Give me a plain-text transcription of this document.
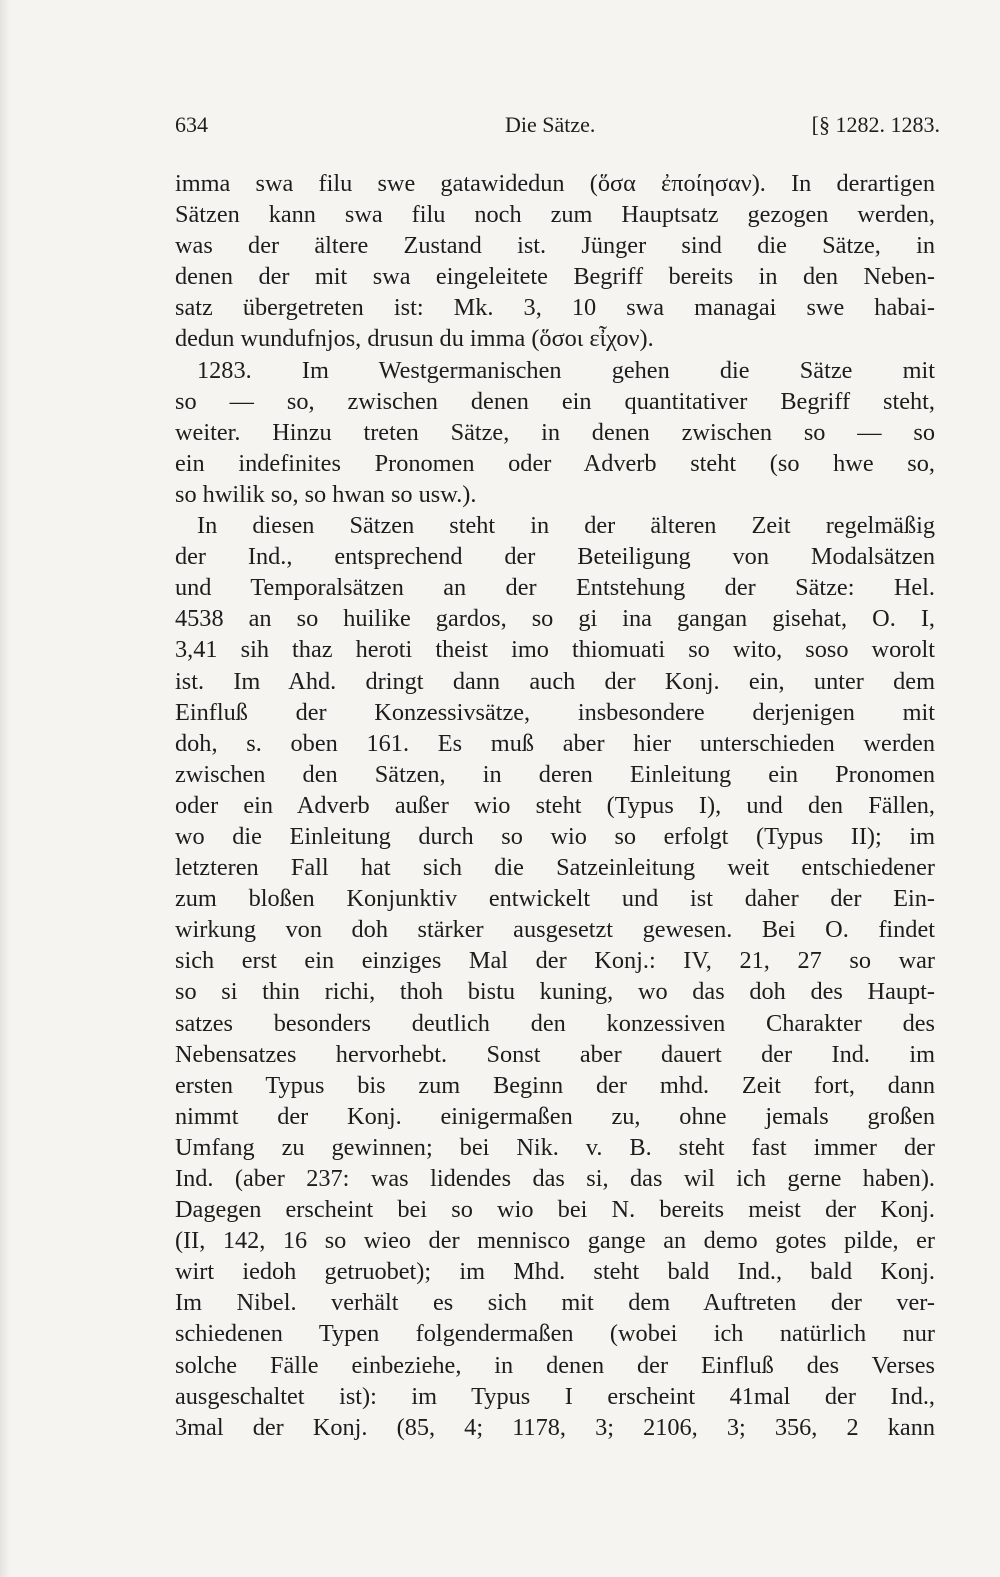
634	Die Sätze.	[§ 1282. 1283.
imma swa filu swe gatawidedun (ὅσα ἐποίησαν). In derartigen
Sätzen kann swa filu noch zum Hauptsatz gezogen werden,
was der ältere Zustand ist. Jünger sind die Sätze, in
denen der mit swa eingeleitete Begriff bereits in den Neben-
satz übergetreten ist: Mk. 3, 10 swa managai swe habai-
dedun wundufnjos, drusun du imma (ὅσοι εἶχον).
1283. Im Westgermanischen gehen die Sätze mit
so — so, zwischen denen ein quantitativer Begriff steht,
weiter. Hinzu treten Sätze, in denen zwischen so — so
ein indefinites Pronomen oder Adverb steht (so hwe so,
so hwilik so, so hwan so usw.).
In diesen Sätzen steht in der älteren Zeit regelmäßig
der Ind., entsprechend der Beteiligung von Modalsätzen
und Temporalsätzen an der Entstehung der Sätze: Hel.
4538 an so huilike gardos, so gi ina gangan gisehat, O. I,
3,41 sih thaz heroti theist imo thiomuati so wito, soso worolt
ist. Im Ahd. dringt dann auch der Konj. ein, unter dem
Einfluß der Konzessivsätze, insbesondere derjenigen mit
doh, s. oben 161. Es muß aber hier unterschieden werden
zwischen den Sätzen, in deren Einleitung ein Pronomen
oder ein Adverb außer wio steht (Typus I), und den Fällen,
wo die Einleitung durch so wio so erfolgt (Typus II); im
letzteren Fall hat sich die Satzeinleitung weit entschiedener
zum bloßen Konjunktiv entwickelt und ist daher der Ein-
wirkung von doh stärker ausgesetzt gewesen. Bei O. findet
sich erst ein einziges Mal der Konj.: IV, 21, 27 so war
so si thin richi, thoh bistu kuning, wo das doh des Haupt-
satzes besonders deutlich den konzessiven Charakter des
Nebensatzes hervorhebt. Sonst aber dauert der Ind. im
ersten Typus bis zum Beginn der mhd. Zeit fort, dann
nimmt der Konj. einigermaßen zu, ohne jemals großen
Umfang zu gewinnen; bei Nik. v. B. steht fast immer der
Ind. (aber 237: was lidendes das si, das wil ich gerne haben).
Dagegen erscheint bei so wio bei N. bereits meist der Konj.
(II, 142, 16 so wieo der mennisco gange an demo gotes pilde, er
wirt iedoh getruobet); im Mhd. steht bald Ind., bald Konj.
Im Nibel. verhält es sich mit dem Auftreten der ver-
schiedenen Typen folgendermaßen (wobei ich natürlich nur
solche Fälle einbeziehe, in denen der Einfluß des Verses
ausgeschaltet ist): im Typus I erscheint 41mal der Ind.,
3mal der Konj. (85, 4; 1178, 3; 2106, 3; 356, 2 kann
